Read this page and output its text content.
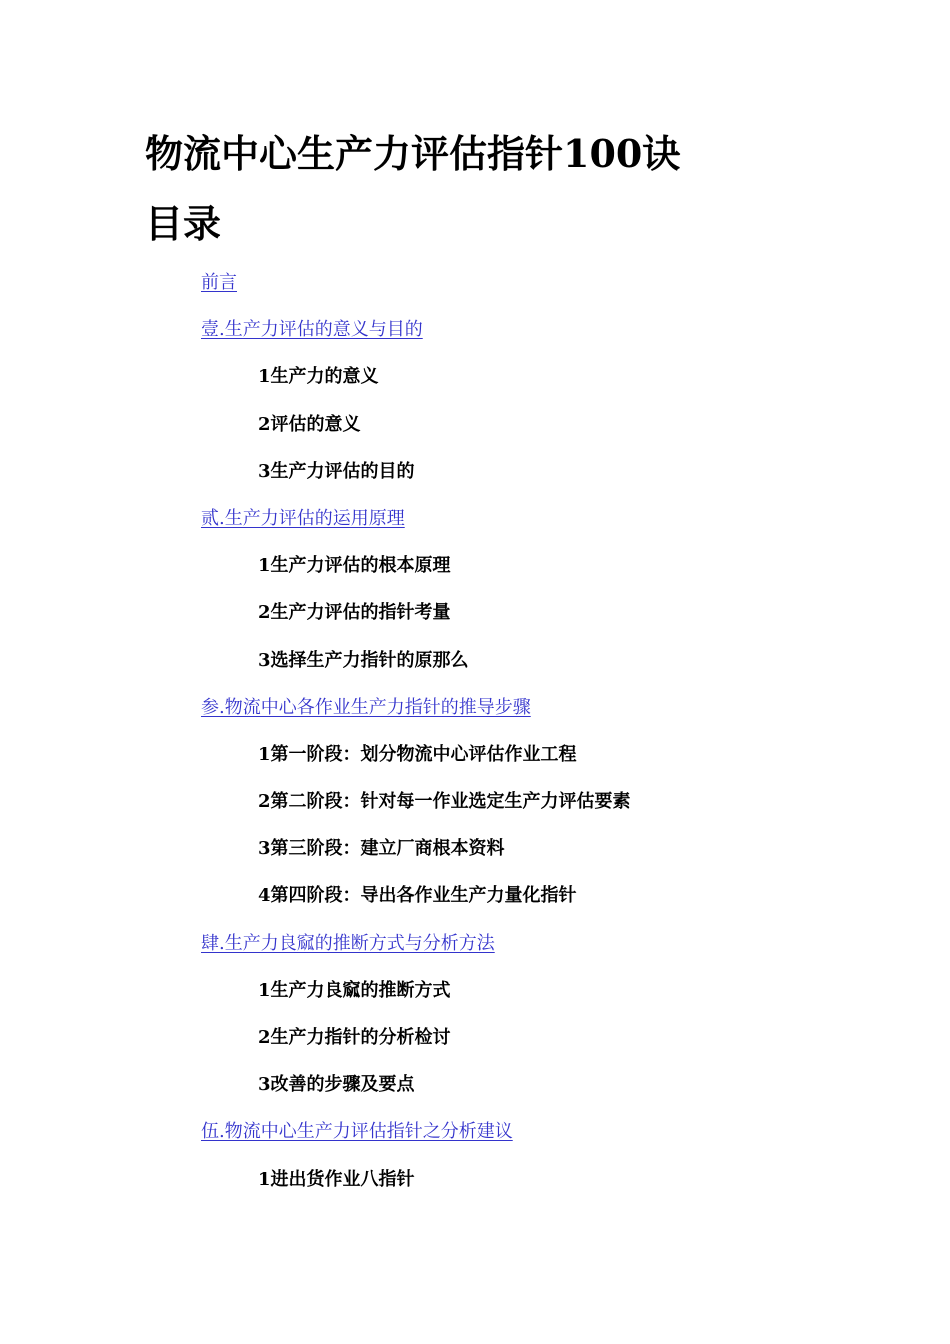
物流中心生产力评估指针100诀
目录
前言
壹.生产力评估的意义与目的
1生产力的意义
2评估的意义
3生产力评估的目的
贰.生产力评估的运用原理
1生产力评估的根本原理
2生产力评估的指针考量
3选择生产力指针的原那么
参.物流中心各作业生产力指针的推导步骤
1第一阶段：划分物流中心评估作业工程
2第二阶段：针对每一作业选定生产力评估要素
3第三阶段：建立厂商根本资料
4第四阶段：导出各作业生产力量化指针
肆.生产力良窳的推断方式与分析方法
1生产力良窳的推断方式
2生产力指针的分析检讨
3改善的步骤及要点
伍.物流中心生产力评估指针之分析建议
1进出货作业八指针
